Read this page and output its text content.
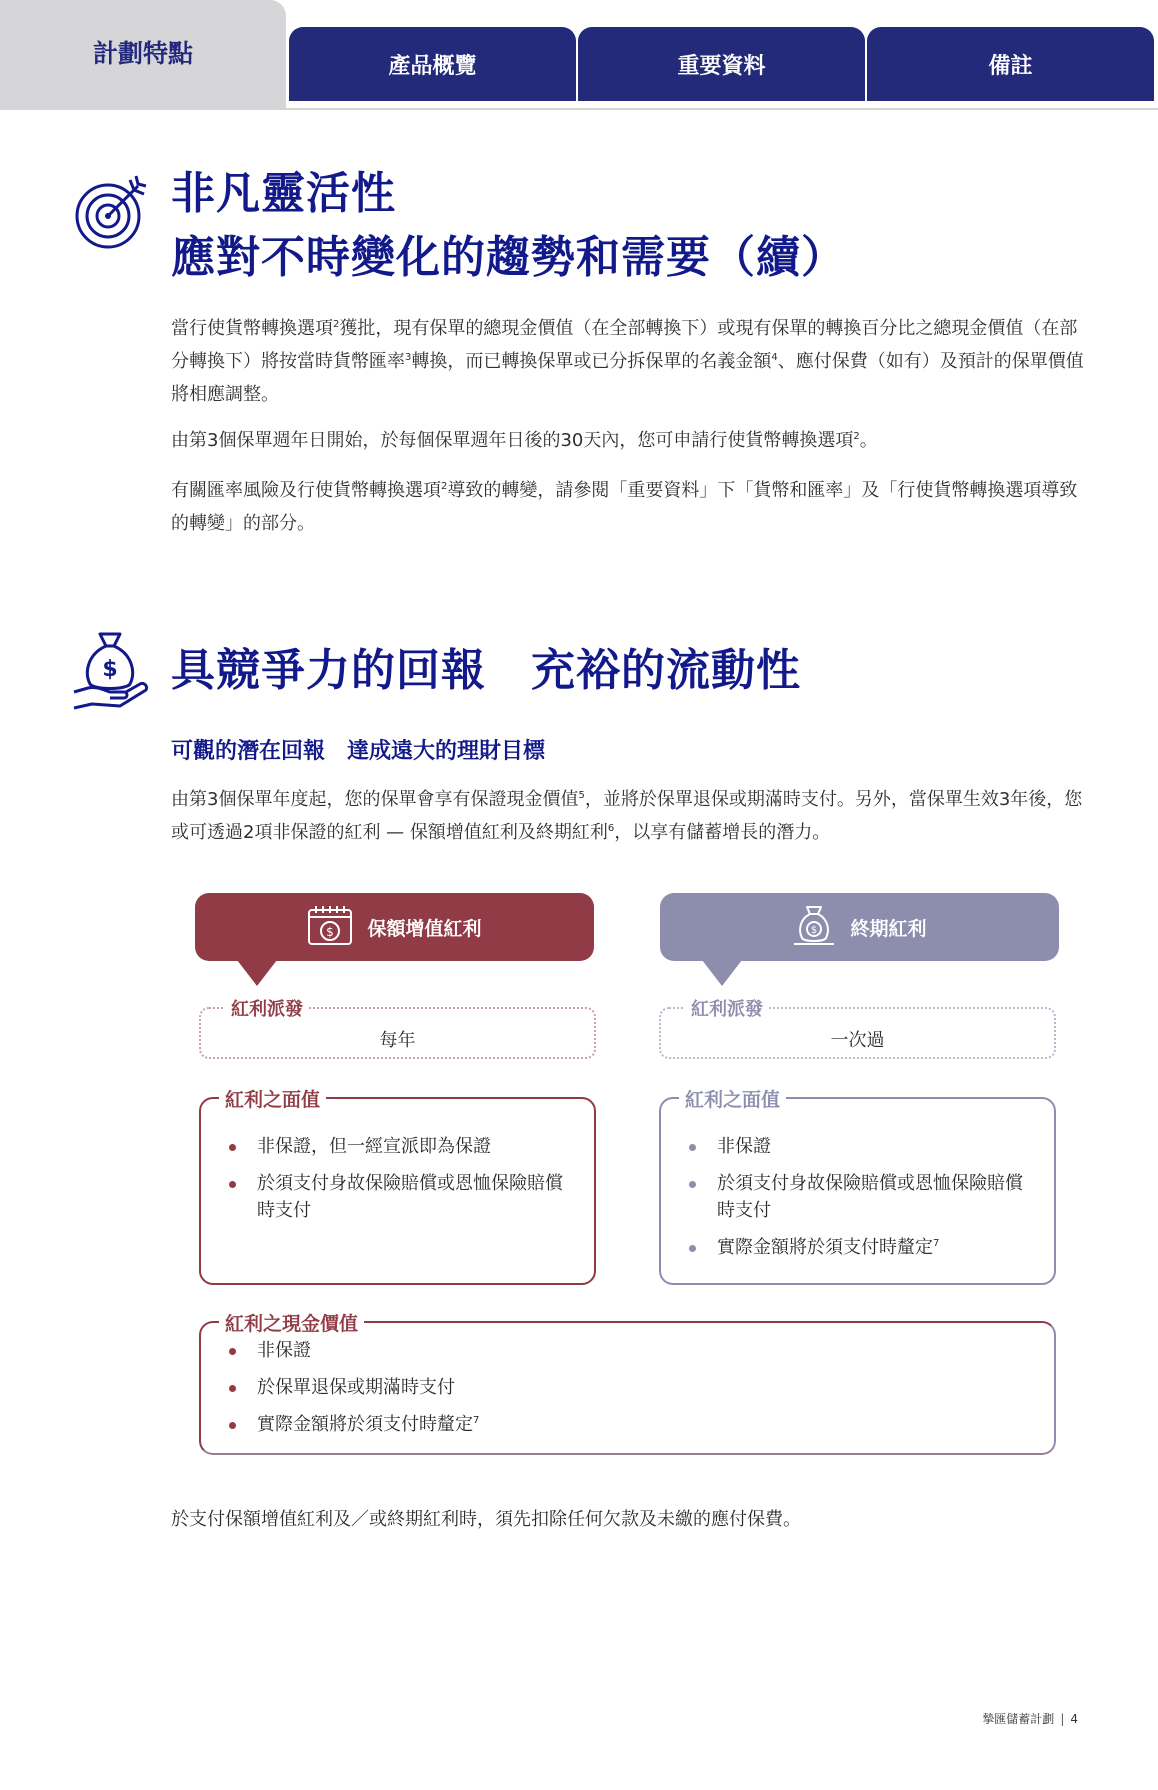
計劃特點	產品概覽	重要資料	備註
非凡靈活性
應對不時變化的趨勢和需要（續）
當行使貨幣轉換選項$^2$獲批，現有保單的總現金價值（在全部轉換下）或現有保單的轉換百分比之總現金價值（在部分轉換下）將按當時貨幣匯率$^3$轉換，而已轉換保單或已分拆保單的名義金額$^4$、應付保費（如有）及預計的保單價值將相應調整。
由第3個保單週年日開始，於每個保單週年日後的30天內，您可申請行使貨幣轉換選項$^2$。
有關匯率風險及行使貨幣轉換選項$^2$導致的轉變，請參閱「重要資料」下「貨幣和匯率」及「行使貨幣轉換選項導致的轉變」的部分。
$ 具競爭力的回報　充裕的流動性
可觀的潛在回報　達成遠大的理財目標
由第3個保單年度起，您的保單會享有保證現金價值$^5$，並將於保單退保或期滿時支付。另外，當保單生效3年後，您或可透過2項非保證的紅利 — 保額增值紅利及終期紅利$^6$，以享有儲蓄增長的潛力。
$ 保額增值紅利
紅利派發
每年
紅利之面值
非保證，但一經宣派即為保證
於須支付身故保險賠償或恩恤保險賠償時支付
$ 終期紅利
紅利派發
一次過
紅利之面值
非保證
於須支付身故保險賠償或恩恤保險賠償時支付
實際金額將於須支付時釐定$^7$
紅利之現金價值
非保證
於保單退保或期滿時支付
實際金額將於須支付時釐定$^7$
於支付保額增值紅利及／或終期紅利時，須先扣除任何欠款及未繳的應付保費。
摯匯儲蓄計劃 | 4
